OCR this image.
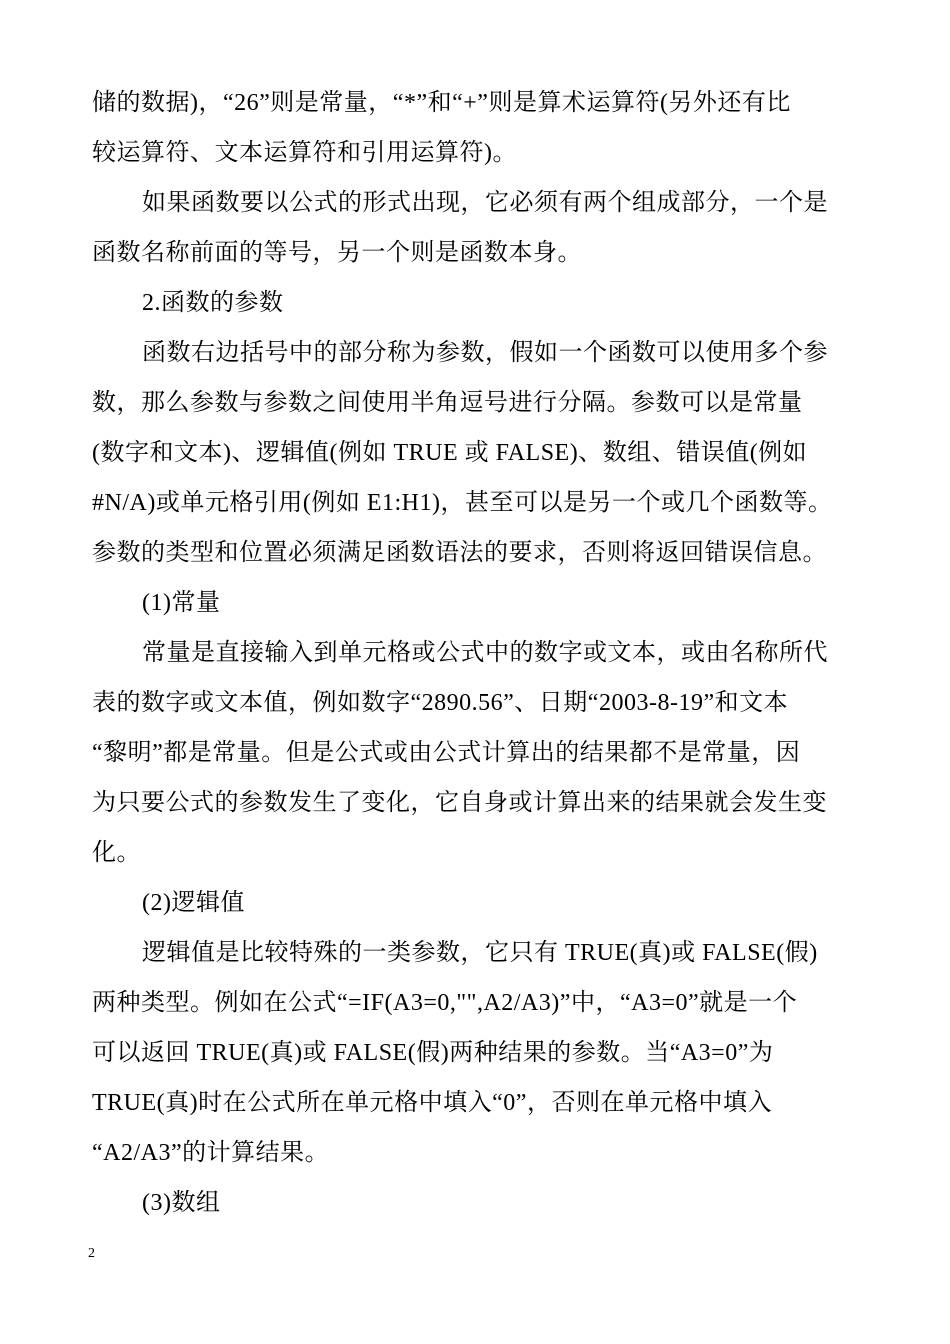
储的数据)，“26”则是常量，“*”和“+”则是算术运算符(另外还有比
较运算符、文本运算符和引用运算符)。
如果函数要以公式的形式出现，它必须有两个组成部分，一个是
函数名称前面的等号，另一个则是函数本身。
2.函数的参数
函数右边括号中的部分称为参数，假如一个函数可以使用多个参
数，那么参数与参数之间使用半角逗号进行分隔。参数可以是常量
(数字和文本)、逻辑值(例如 TRUE 或 FALSE)、数组、错误值(例如
#N/A)或单元格引用(例如 E1:H1)，甚至可以是另一个或几个函数等。
参数的类型和位置必须满足函数语法的要求，否则将返回错误信息。
(1)常量
常量是直接输入到单元格或公式中的数字或文本，或由名称所代
表的数字或文本值，例如数字“2890.56”、日期“2003-8-19”和文本
“黎明”都是常量。但是公式或由公式计算出的结果都不是常量，因
为只要公式的参数发生了变化，它自身或计算出来的结果就会发生变
化。
(2)逻辑值
逻辑值是比较特殊的一类参数，它只有 TRUE(真)或 FALSE(假)
两种类型。例如在公式“=IF(A3=0,"",A2/A3)”中，“A3=0”就是一个
可以返回 TRUE(真)或 FALSE(假)两种结果的参数。当“A3=0”为
TRUE(真)时在公式所在单元格中填入“0”，否则在单元格中填入
“A2/A3”的计算结果。
(3)数组
2
